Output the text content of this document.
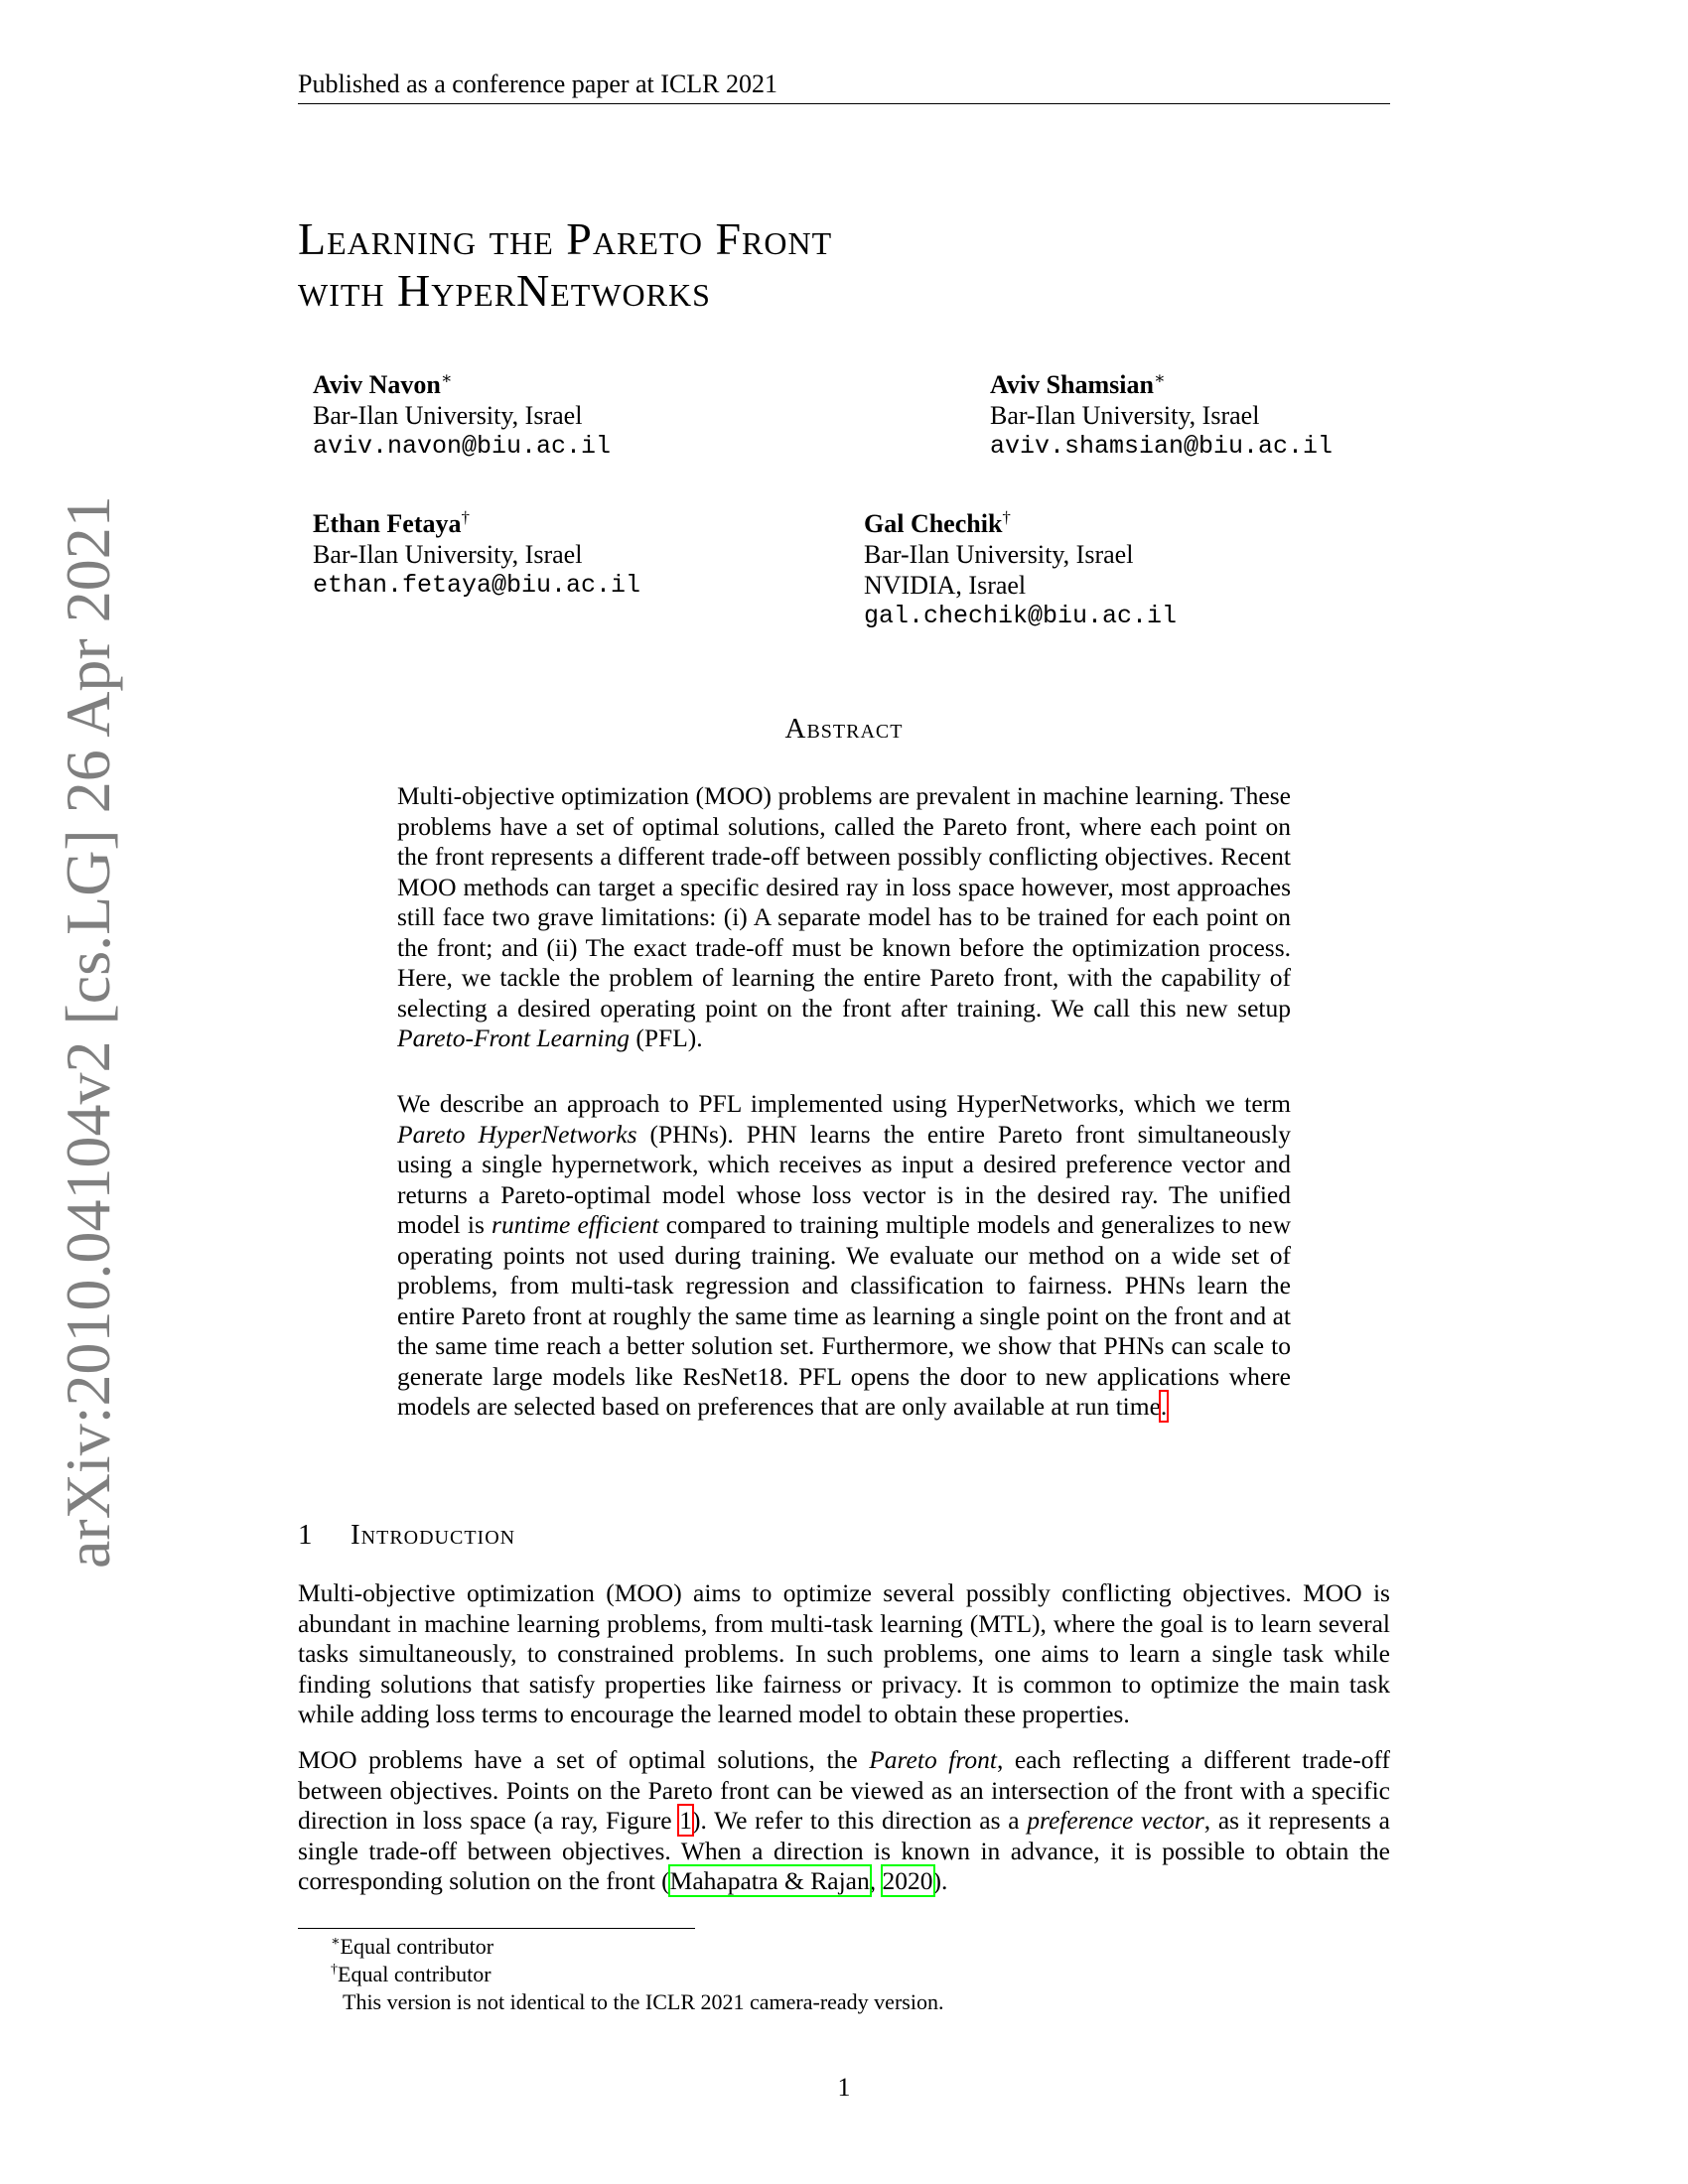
Published as a conference paper at ICLR 2021
arXiv:2010.04104v2 [cs.LG] 26 Apr 2021
Learning the Pareto Front
with HyperNetworks
Aviv Navon∗
Bar-Ilan University, Israel
aviv.navon@biu.ac.il
Aviv Shamsian∗
Bar-Ilan University, Israel
aviv.shamsian@biu.ac.il
Ethan Fetaya†
Bar-Ilan University, Israel
ethan.fetaya@biu.ac.il
Gal Chechik†
Bar-Ilan University, Israel
NVIDIA, Israel
gal.chechik@biu.ac.il
Abstract
Multi-objective optimization (MOO) problems are prevalent in machine learning. These problems have a set of optimal solutions, called the Pareto front, where each point on the front represents a different trade-off between possibly conflicting objectives. Recent MOO methods can target a specific desired ray in loss space however, most approaches still face two grave limitations: (i) A separate model has to be trained for each point on the front; and (ii) The exact trade-off must be known before the optimization process. Here, we tackle the problem of learning the entire Pareto front, with the capability of selecting a desired operating point on the front after training. We call this new setup Pareto-Front Learning (PFL).
We describe an approach to PFL implemented using HyperNetworks, which we term Pareto HyperNetworks (PHNs). PHN learns the entire Pareto front simultaneously using a single hypernetwork, which receives as input a desired preference vector and returns a Pareto-optimal model whose loss vector is in the desired ray. The unified model is runtime efficient compared to training multiple models and generalizes to new operating points not used during training. We evaluate our method on a wide set of problems, from multi-task regression and classification to fairness. PHNs learn the entire Pareto front at roughly the same time as learning a single point on the front and at the same time reach a better solution set. Furthermore, we show that PHNs can scale to generate large models like ResNet18. PFL opens the door to new applications where models are selected based on preferences that are only available at run time.
1 Introduction
Multi-objective optimization (MOO) aims to optimize several possibly conflicting objectives. MOO is abundant in machine learning problems, from multi-task learning (MTL), where the goal is to learn several tasks simultaneously, to constrained problems. In such problems, one aims to learn a single task while finding solutions that satisfy properties like fairness or privacy. It is common to optimize the main task while adding loss terms to encourage the learned model to obtain these properties.
MOO problems have a set of optimal solutions, the Pareto front, each reflecting a different trade-off between objectives. Points on the Pareto front can be viewed as an intersection of the front with a specific direction in loss space (a ray, Figure 1). We refer to this direction as a preference vector, as it represents a single trade-off between objectives. When a direction is known in advance, it is possible to obtain the corresponding solution on the front (Mahapatra & Rajan, 2020).
∗Equal contributor
†Equal contributor
This version is not identical to the ICLR 2021 camera-ready version.
1
